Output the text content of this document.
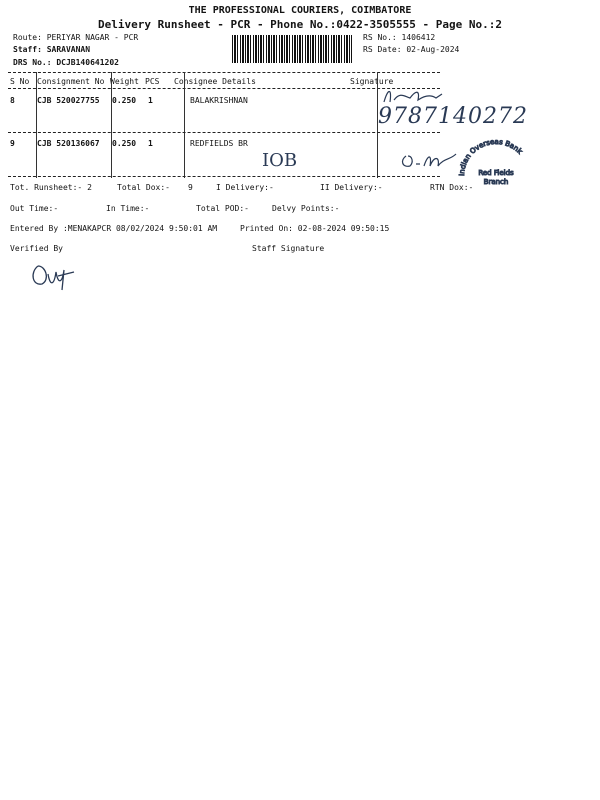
THE PROFESSIONAL COURIERS, COIMBATORE
Delivery Runsheet - PCR - Phone No.:0422-3505555 - Page No.:2
Route: PERIYAR NAGAR - PCR
Staff: SARAVANAN
DRS No.: DCJB140641202
RS No.: 1406412
RS Date: 02-Aug-2024
S No Consignment No Weight PCS Consignee Details	Signature
8	CJB 520027755 0.250 1	BALAKRISHNAN
9	CJB 520136067 0.250 1	REDFIELDS BR
Tot. Runsheet:- 2	Total Dox:- 9	I Delivery:-	II Delivery:-	RTN Dox:-
Out Time:-	In Time:-	Total POD:-	Delvy Points:-
Entered By :MENAKAPCR 08/02/2024 9:50:01 AM	Printed On: 02-08-2024 09:50:15
Verified By	Staff Signature
9787140272
IOB
Indian Overseas Bank
Red Fields
Branch
